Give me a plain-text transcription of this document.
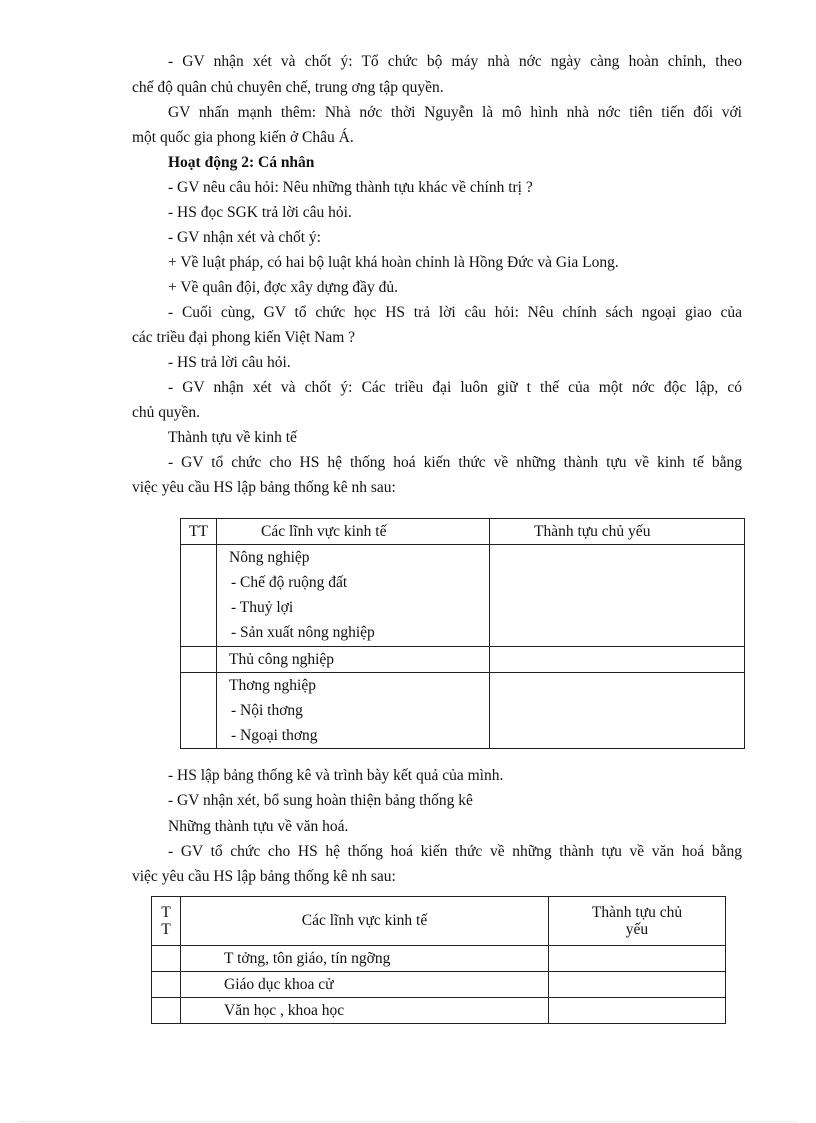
- GV nhận xét và chốt ý: Tổ chức bộ máy nhà nớc ngày càng hoàn chỉnh, theo
chế độ quân chủ chuyên chế, trung ơng tập quyền.
GV nhấn mạnh thêm: Nhà nớc thời Nguyễn là mô hình nhà nớc tiên tiến đối với
một quốc gia phong kiến ở Châu Á.
Hoạt động 2: Cá nhân
- GV nêu câu hỏi: Nêu những thành tựu khác về chính trị ?
- HS đọc SGK trả lời câu hỏi.
- GV nhận xét và chốt ý:
+ Về luật pháp, có hai bộ luật khá hoàn chỉnh là Hồng Đức và Gia Long.
+ Về quân đội, đợc xây dựng đầy đủ.
- Cuối cùng, GV tổ chức học HS trả lời câu hỏi: Nêu chính sách ngoại giao của
các triều đại phong kiến Việt Nam ?
- HS trả lời câu hỏi.
- GV nhận xét và chốt ý: Các triều đại luôn giữ t thế của một nớc độc lập, có
chủ quyền.
Thành tựu về kinh tế
- GV tổ chức cho HS hệ thống hoá kiến thức về những thành tựu về kinh tế bằng
việc yêu cầu HS lập bảng thống kê nh sau:
TT	Các lĩnh vực kinh tế	Thành tựu chủ yếu

	Nông nghiệp
- Chế độ ruộng đất
- Thuỷ lợi
- Sản xuất nông nghiệp	

	Thủ công nghiệp	

	Thơng nghiệp
- Nội thơng
- Ngoại thơng	

- HS lập bảng thống kê và trình bày kết quả của mình.
- GV nhận xét, bổ sung hoàn thiện bảng thống kê
Những thành tựu về văn hoá.
- GV tổ chức cho HS hệ thống hoá kiến thức về những thành tựu về văn hoá bằng
việc yêu cầu HS lập bảng thống kê nh sau:
TT	Các lĩnh vực kinh tế	Thành tựu chủ yếu

	T tởng, tôn giáo, tín ngỡng	

	Giáo dục khoa cử	

	Văn học , khoa học	
